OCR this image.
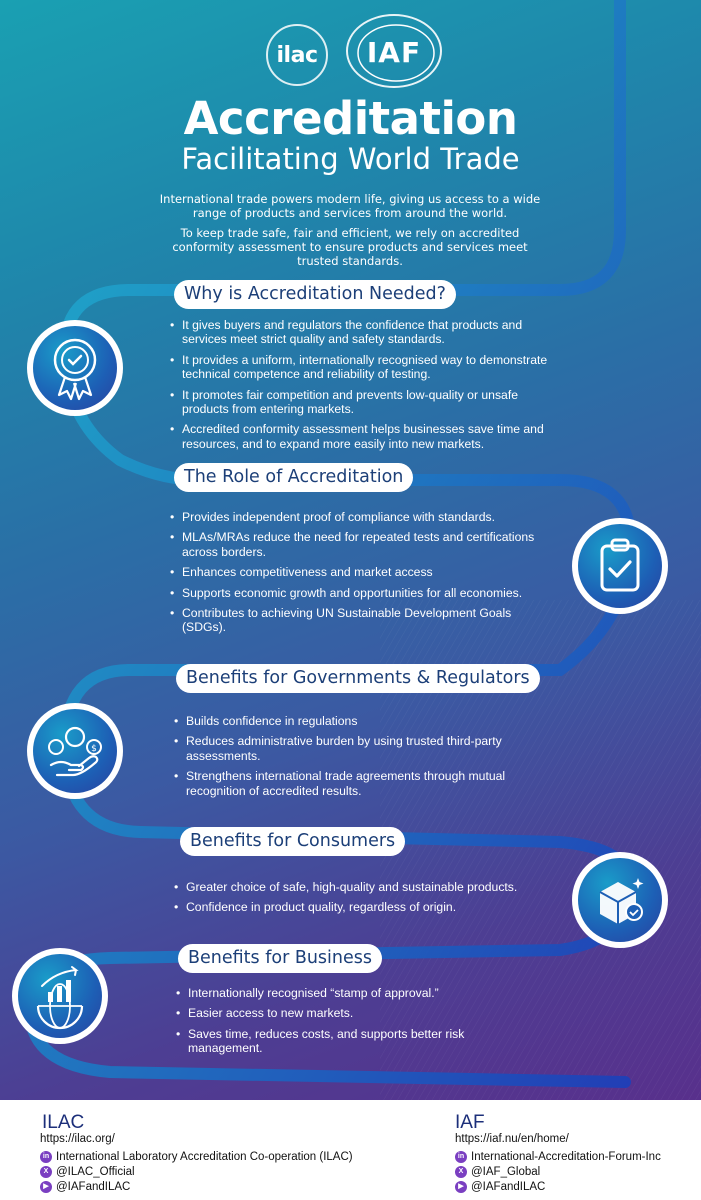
ilac	IAF
Accreditation
Facilitating World Trade
International trade powers modern life, giving us access to a wide range of products and services from around the world.
To keep trade safe, fair and efficient, we rely on accredited conformity assessment to ensure products and services meet trusted standards.
Why is Accreditation Needed?
• It gives buyers and regulators the confidence that products and services meet strict quality and safety standards.
• It provides a uniform, internationally recognised way to demonstrate technical competence and reliability of testing.
• It promotes fair competition and prevents low-quality or unsafe products from entering markets.
• Accredited conformity assessment helps businesses save time and resources, and to expand more easily into new markets.
The Role of Accreditation
• Provides independent proof of compliance with standards.
• MLAs/MRAs reduce the need for repeated tests and certifications across borders.
• Enhances competitiveness and market access
• Supports economic growth and opportunities for all economies.
• Contributes to achieving UN Sustainable Development Goals (SDGs).
Benefits for Governments & Regulators
• Builds confidence in regulations
• Reduces administrative burden by using trusted third-party assessments.
• Strengthens international trade agreements through mutual recognition of accredited results.
$
Benefits for Consumers
• Greater choice of safe, high-quality and sustainable products.
• Confidence in product quality, regardless of origin.
Benefits for Business
• Internationally recognised “stamp of approval.”
• Easier access to new markets.
• Saves time, reduces costs, and supports better risk management.
ILAC
https://ilac.org/
in International Laboratory Accreditation Co-operation (ILAC)
X @ILAC_Official
▶ @IAFandILAC
IAF
https://iaf.nu/en/home/
in International-Accreditation-Forum-Inc
X @IAF_Global
▶ @IAFandILAC
